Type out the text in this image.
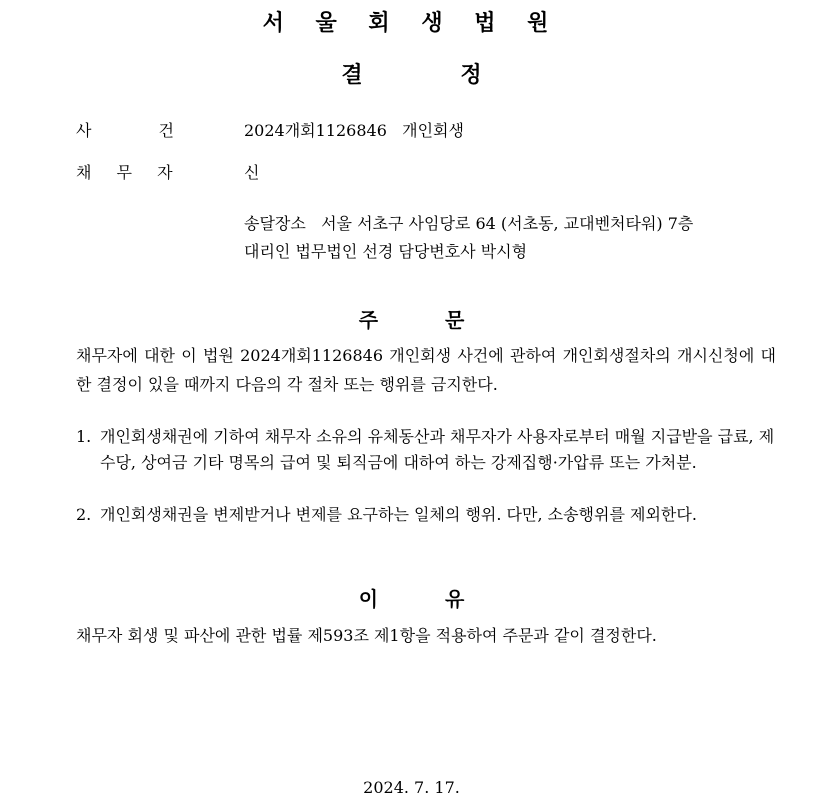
서 울 회 생 법 원
결 정
사 건	2024개회1126846   개인회생
채 무 자	신
송달장소   서울 서초구 사임당로 64 (서초동, 교대벤처타워) 7층
대리인 법무법인 선경 담당변호사 박시형
주 문
채무자에 대한 이 법원 2024개회1126846 개인회생 사건에 관하여 개인회생절차의 개시신청에 대한 결정이 있을 때까지 다음의 각 절차 또는 행위를 금지한다.
1. 개인회생채권에 기하여 채무자 소유의 유체동산과 채무자가 사용자로부터 매월 지급받을 급료, 제수당, 상여금 기타 명목의 급여 및 퇴직금에 대하여 하는 강제집행·가압류 또는 가처분.
2. 개인회생채권을 변제받거나 변제를 요구하는 일체의 행위. 다만, 소송행위를 제외한다.
이 유
채무자 회생 및 파산에 관한 법률 제593조 제1항을 적용하여 주문과 같이 결정한다.
2024. 7. 17.
